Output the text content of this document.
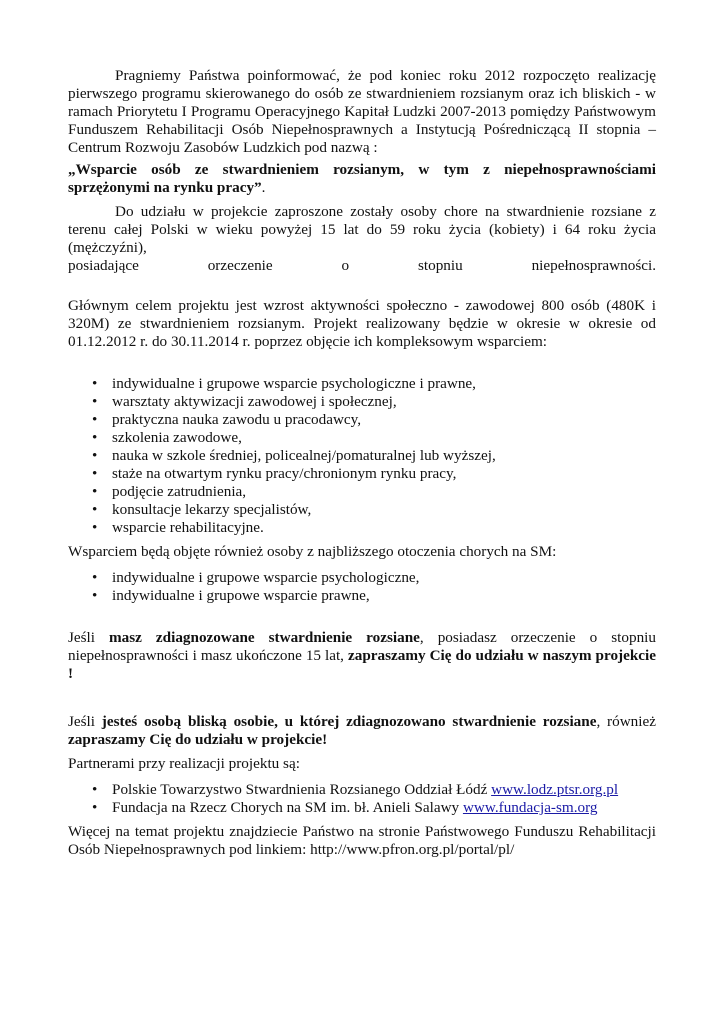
Pragniemy Państwa poinformować, że pod koniec roku 2012 rozpoczęto realizację pierwszego programu skierowanego do osób ze stwardnieniem rozsianym oraz ich bliskich - w ramach Priorytetu I Programu Operacyjnego Kapitał Ludzki 2007-2013 pomiędzy Państwowym Funduszem Rehabilitacji Osób Niepełnosprawnych a Instytucją Pośredniczącą II stopnia – Centrum Rozwoju Zasobów Ludzkich pod nazwą :

„Wsparcie osób ze stwardnieniem rozsianym, w tym z niepełnosprawnościami sprzężonymi na rynku pracy”.

Do udziału w projekcie zaproszone zostały osoby chore na stwardnienie rozsiane z terenu całej Polski w wieku powyżej 15 lat do 59 roku życia (kobiety) i 64 roku życia (mężczyźni),

posiadające orzeczenie o stopniu niepełnosprawności.

Głównym celem projektu jest wzrost aktywności społeczno - zawodowej 800 osób (480K i 320M) ze stwardnieniem rozsianym. Projekt realizowany będzie w okresie w okresie od 01.12.2012 r. do 30.11.2014 r. poprzez objęcie ich kompleksowym wsparciem:

• indywidualne i grupowe wsparcie psychologiczne i prawne,
• warsztaty aktywizacji zawodowej i społecznej,
• praktyczna nauka zawodu u pracodawcy,
• szkolenia zawodowe,
• nauka w szkole średniej, policealnej/pomaturalnej lub wyższej,
• staże na otwartym rynku pracy/chronionym rynku pracy,
• podjęcie zatrudnienia,
• konsultacje lekarzy specjalistów,
• wsparcie rehabilitacyjne.

Wsparciem będą objęte również osoby z najbliższego otoczenia chorych na SM:

• indywidualne i grupowe wsparcie psychologiczne,
• indywidualne i grupowe wsparcie prawne,

Jeśli masz zdiagnozowane stwardnienie rozsiane, posiadasz orzeczenie o stopniu niepełnosprawności i masz ukończone 15 lat, zapraszamy Cię do udziału w naszym projekcie !

Jeśli jesteś osobą bliską osobie, u której zdiagnozowano stwardnienie rozsiane, również zapraszamy Cię do udziału w projekcie!

Partnerami przy realizacji projektu są:

• Polskie Towarzystwo Stwardnienia Rozsianego Oddział Łódź www.lodz.ptsr.org.pl
• Fundacja na Rzecz Chorych na SM im. bł. Anieli Salawy www.fundacja-sm.org

Więcej na temat projektu znajdziecie Państwo na stronie Państwowego Funduszu Rehabilitacji Osób Niepełnosprawnych pod linkiem: http://www.pfron.org.pl/portal/pl/
